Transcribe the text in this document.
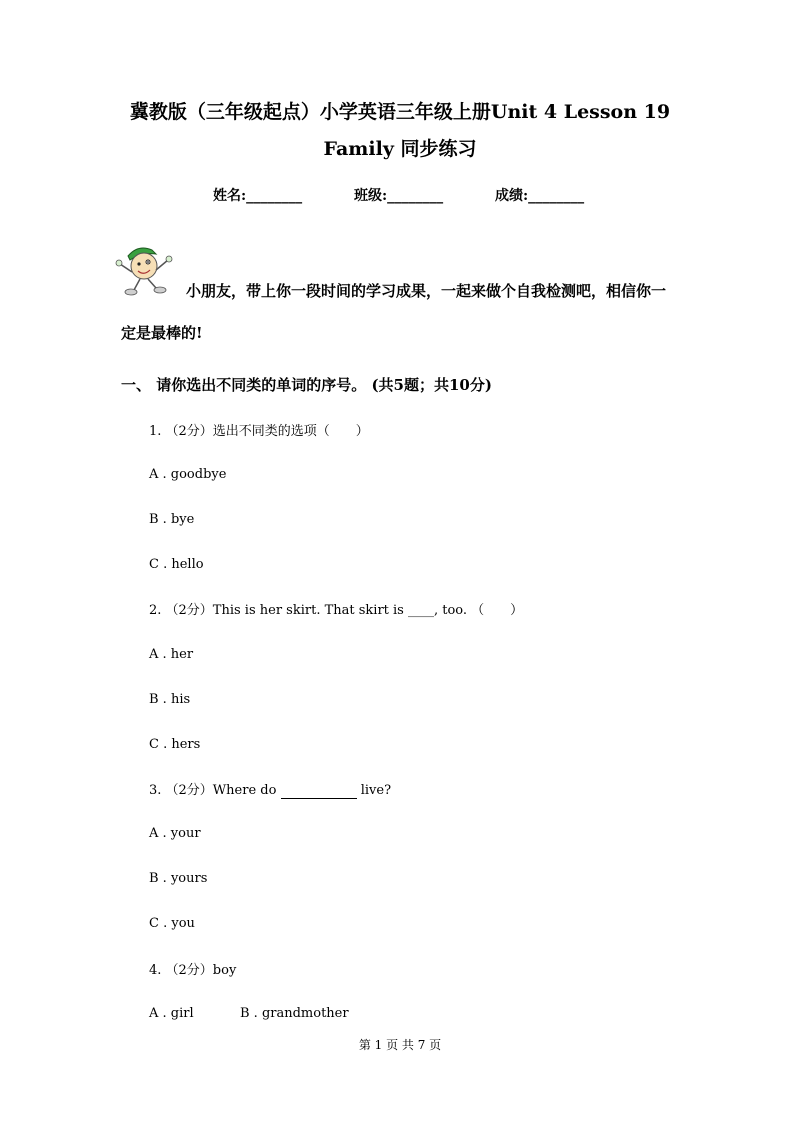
冀教版（三年级起点）小学英语三年级上册Unit 4 Lesson 19
Family 同步练习
姓名:________	班级:________	成绩:________
小朋友，带上你一段时间的学习成果，一起来做个自我检测吧，相信你一
定是最棒的!
一、 请你选出不同类的单词的序号。 (共5题；共10分)
1. （2分）选出不同类的选项（　　）
A . goodbye
B . bye
C . hello
2. （2分）This is her skirt. That skirt is ____, too. （　　）
A . her
B . his
C . hers
3. （2分）Where do	live?
A . your
B . yours
C . you
4. （2分）boy
A . girl	B . grandmother
第 1 页 共 7 页
